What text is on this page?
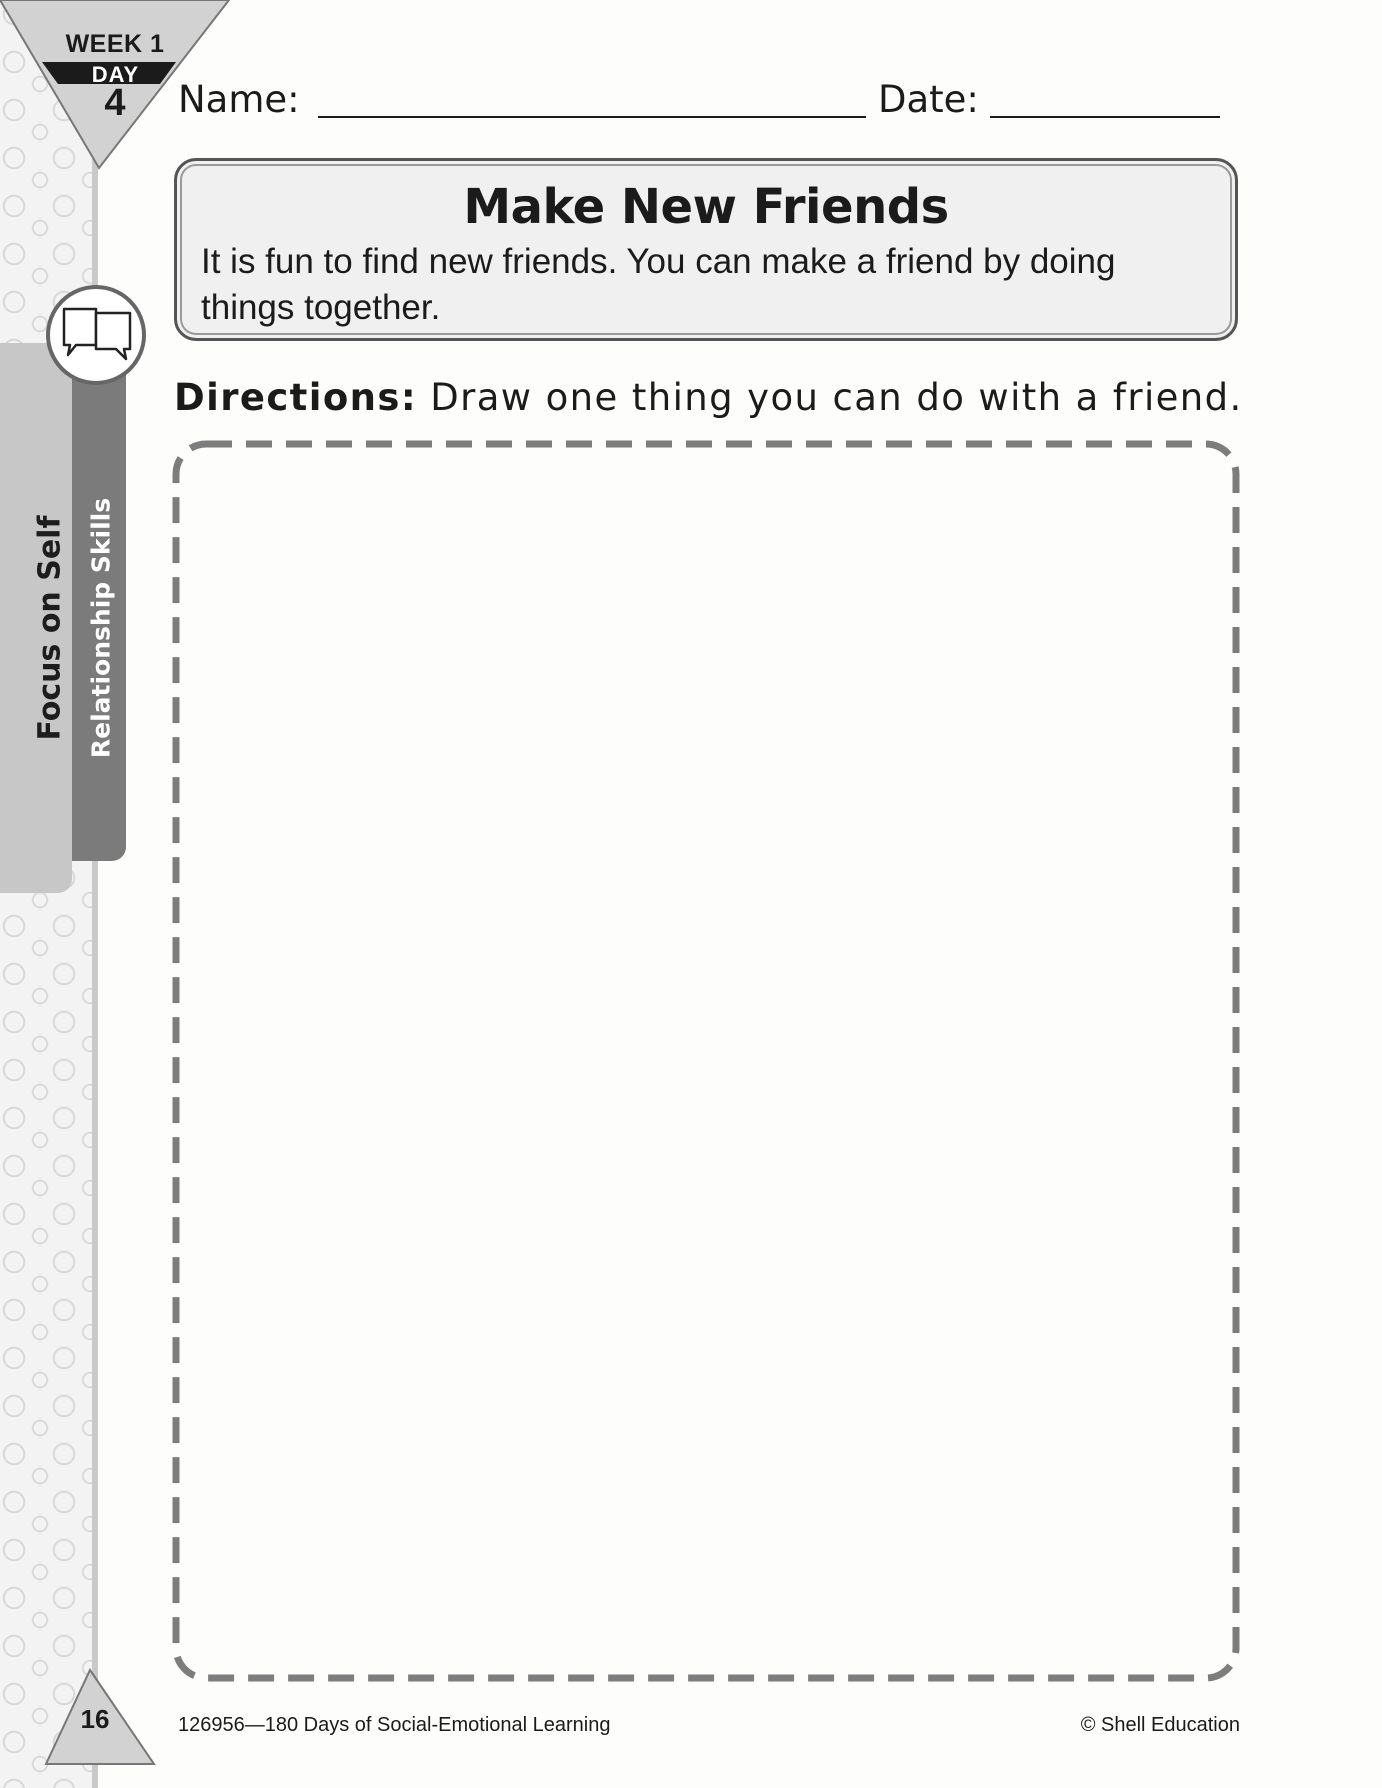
WEEK 1
DAY
4
Focus on Self Relationship Skills
Name:	Date:
Make New Friends

It is fun to find new friends. You can make a friend by doing things together.

Directions: Draw one thing you can do with a friend.
16	126956—180 Days of Social-Emotional Learning	© Shell Education
